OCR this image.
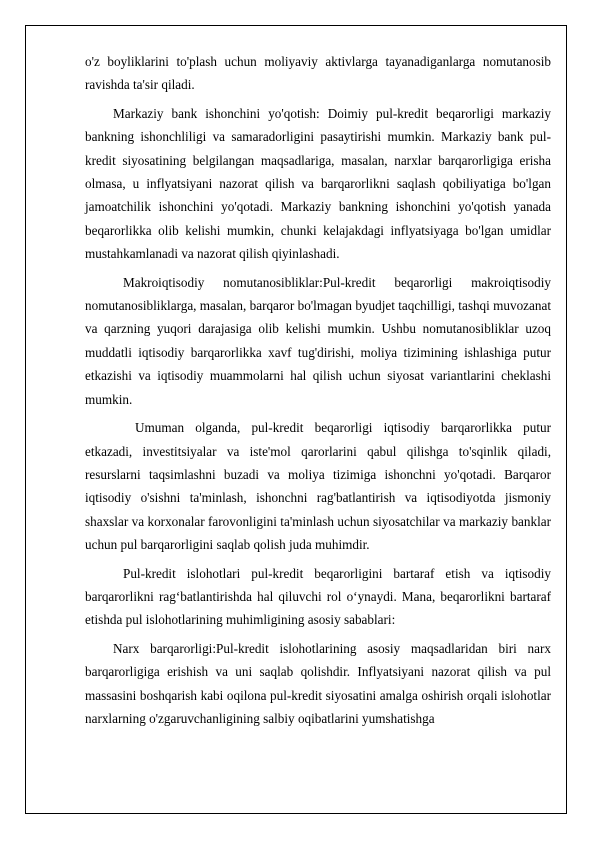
o'z boyliklarini to'plash uchun moliyaviy aktivlarga tayanadiganlarga nomutanosib ravishda ta'sir qiladi.

Markaziy bank ishonchini yo'qotish: Doimiy pul-kredit beqarorligi markaziy bankning ishonchliligi va samaradorligini pasaytirishi mumkin. Markaziy bank pul-kredit siyosatining belgilangan maqsadlariga, masalan, narxlar barqarorligiga erisha olmasa, u inflyatsiyani nazorat qilish va barqarorlikni saqlash qobiliyatiga bo'lgan jamoatchilik ishonchini yo'qotadi. Markaziy bankning ishonchini yo'qotish yanada beqarorlikka olib kelishi mumkin, chunki kelajakdagi inflyatsiyaga bo'lgan umidlar mustahkamlanadi va nazorat qilish qiyinlashadi.

Makroiqtisodiy nomutanosibliklar:Pul-kredit beqarorligi makroiqtisodiy nomutanosibliklarga, masalan, barqaror bo'lmagan byudjet taqchilligi, tashqi muvozanat va qarzning yuqori darajasiga olib kelishi mumkin. Ushbu nomutanosibliklar uzoq muddatli iqtisodiy barqarorlikka xavf tug'dirishi, moliya tizimining ishlashiga putur etkazishi va iqtisodiy muammolarni hal qilish uchun siyosat variantlarini cheklashi mumkin.

Umuman olganda, pul-kredit beqarorligi iqtisodiy barqarorlikka putur etkazadi, investitsiyalar va iste'mol qarorlarini qabul qilishga to'sqinlik qiladi, resurslarni taqsimlashni buzadi va moliya tizimiga ishonchni yo'qotadi. Barqaror iqtisodiy o'sishni ta'minlash, ishonchni rag'batlantirish va iqtisodiyotda jismoniy shaxslar va korxonalar farovonligini ta'minlash uchun siyosatchilar va markaziy banklar uchun pul barqarorligini saqlab qolish juda muhimdir.

Pul-kredit islohotlari pul-kredit beqarorligini bartaraf etish va iqtisodiy barqarorlikni rag‘batlantirishda hal qiluvchi rol o‘ynaydi. Mana, beqarorlikni bartaraf etishda pul islohotlarining muhimligining asosiy sabablari:

Narx barqarorligi:Pul-kredit islohotlarining asosiy maqsadlaridan biri narx barqarorligiga erishish va uni saqlab qolishdir. Inflyatsiyani nazorat qilish va pul massasini boshqarish kabi oqilona pul-kredit siyosatini amalga oshirish orqali islohotlar narxlarning o'zgaruvchanligining salbiy oqibatlarini yumshatishga
